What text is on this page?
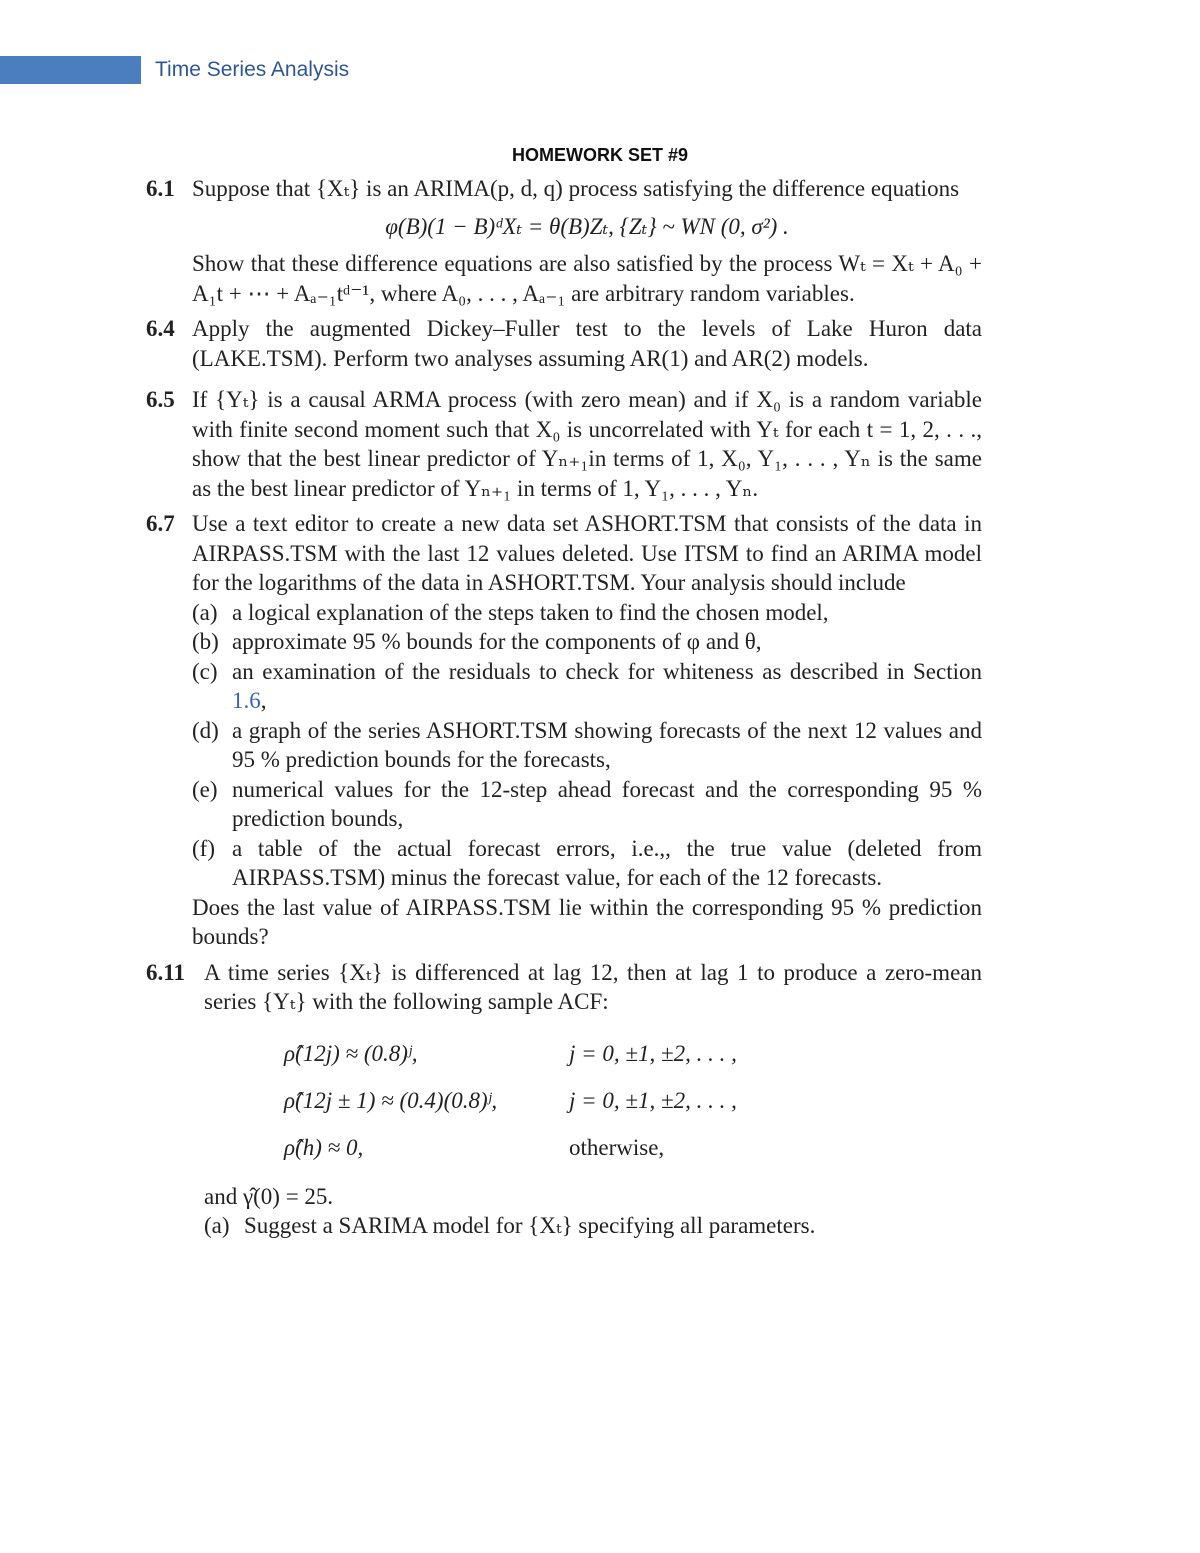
Time Series Analysis
HOMEWORK SET #9
6.1 Suppose that {Xₜ} is an ARIMA(p, d, q) process satisfying the difference equations
φ(B)(1 − B)ᵈXₜ = θ(B)Zₜ, {Zₜ} ~ WN (0, σ²) .
Show that these difference equations are also satisfied by the process Wₜ = Xₜ + A₀ + A₁t + ⋯ + Aₐ₋₁tᵈ⁻¹, where A₀, . . . , Aₐ₋₁ are arbitrary random variables.
6.4 Apply the augmented Dickey–Fuller test to the levels of Lake Huron data (LAKE.TSM). Perform two analyses assuming AR(1) and AR(2) models.
6.5 If {Yₜ} is a causal ARMA process (with zero mean) and if X₀ is a random variable with finite second moment such that X₀ is uncorrelated with Yₜ for each t = 1, 2, . . ., show that the best linear predictor of Yₙ₊₁in terms of 1, X₀, Y₁, . . . , Yₙ is the same as the best linear predictor of Yₙ₊₁ in terms of 1, Y₁, . . . , Yₙ.
6.7 Use a text editor to create a new data set ASHORT.TSM that consists of the data in AIRPASS.TSM with the last 12 values deleted. Use ITSM to find an ARIMA model for the logarithms of the data in ASHORT.TSM. Your analysis should include
(a) a logical explanation of the steps taken to find the chosen model,
(b) approximate 95 % bounds for the components of φ and θ,
(c) an examination of the residuals to check for whiteness as described in Section 1.6,
(d) a graph of the series ASHORT.TSM showing forecasts of the next 12 values and 95 % prediction bounds for the forecasts,
(e) numerical values for the 12-step ahead forecast and the corresponding 95 % prediction bounds,
(f) a table of the actual forecast errors, i.e.,, the true value (deleted from AIRPASS.TSM) minus the forecast value, for each of the 12 forecasts.
Does the last value of AIRPASS.TSM lie within the corresponding 95 % prediction bounds?
6.11 A time series {Xₜ} is differenced at lag 12, then at lag 1 to produce a zero-mean series {Yₜ} with the following sample ACF:
ρ̂(12j) ≈ (0.8)ʲ,	j = 0, ±1, ±2, . . . ,
ρ̂(12j ± 1) ≈ (0.4)(0.8)ʲ,	j = 0, ±1, ±2, . . . ,
ρ̂(h) ≈ 0,	otherwise,
and γ̂(0) = 25.
(a) Suggest a SARIMA model for {Xₜ} specifying all parameters.
